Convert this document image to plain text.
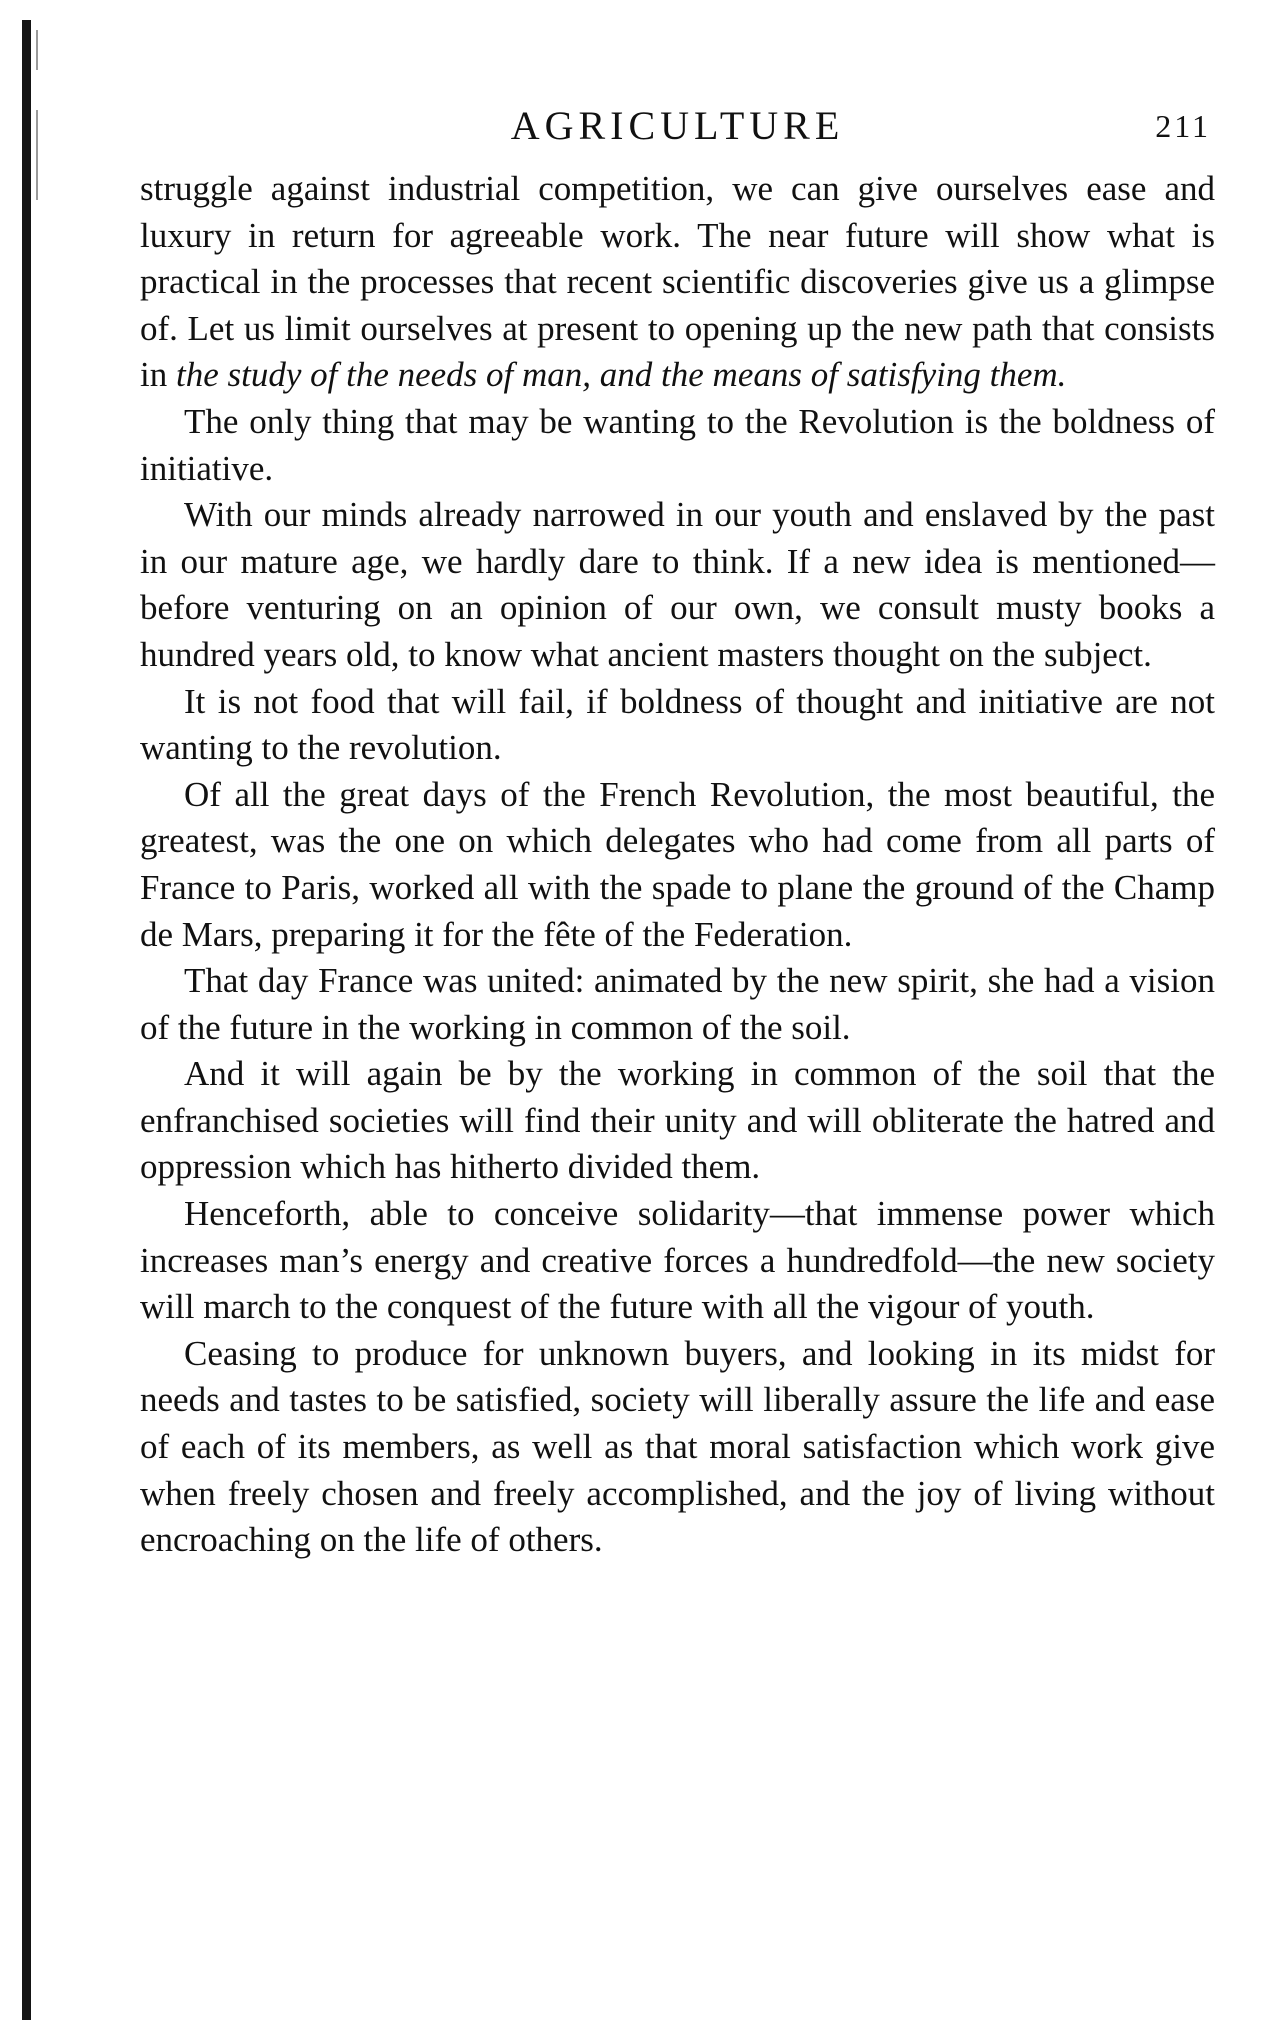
AGRICULTURE	211

struggle against industrial competition, we can give ourselves ease and luxury in return for agreeable work. The near future will show what is practical in the processes that recent scientific discoveries give us a glimpse of. Let us limit ourselves at present to opening up the new path that consists in the study of the needs of man, and the means of satisfying them.

The only thing that may be wanting to the Revolution is the boldness of initiative.

With our minds already narrowed in our youth and enslaved by the past in our mature age, we hardly dare to think. If a new idea is mentioned—before venturing on an opinion of our own, we consult musty books a hundred years old, to know what ancient masters thought on the subject.

It is not food that will fail, if boldness of thought and initiative are not wanting to the revolution.

Of all the great days of the French Revolution, the most beautiful, the greatest, was the one on which delegates who had come from all parts of France to Paris, worked all with the spade to plane the ground of the Champ de Mars, preparing it for the fête of the Federation.

That day France was united: animated by the new spirit, she had a vision of the future in the working in common of the soil.

And it will again be by the working in common of the soil that the enfranchised societies will find their unity and will obliterate the hatred and oppression which has hitherto divided them.

Henceforth, able to conceive solidarity—that immense power which increases man’s energy and creative forces a hundredfold—the new society will march to the conquest of the future with all the vigour of youth.

Ceasing to produce for unknown buyers, and looking in its midst for needs and tastes to be satisfied, society will liberally assure the life and ease of each of its members, as well as that moral satisfaction which work give when freely chosen and freely accomplished, and the joy of living without encroaching on the life of others.
